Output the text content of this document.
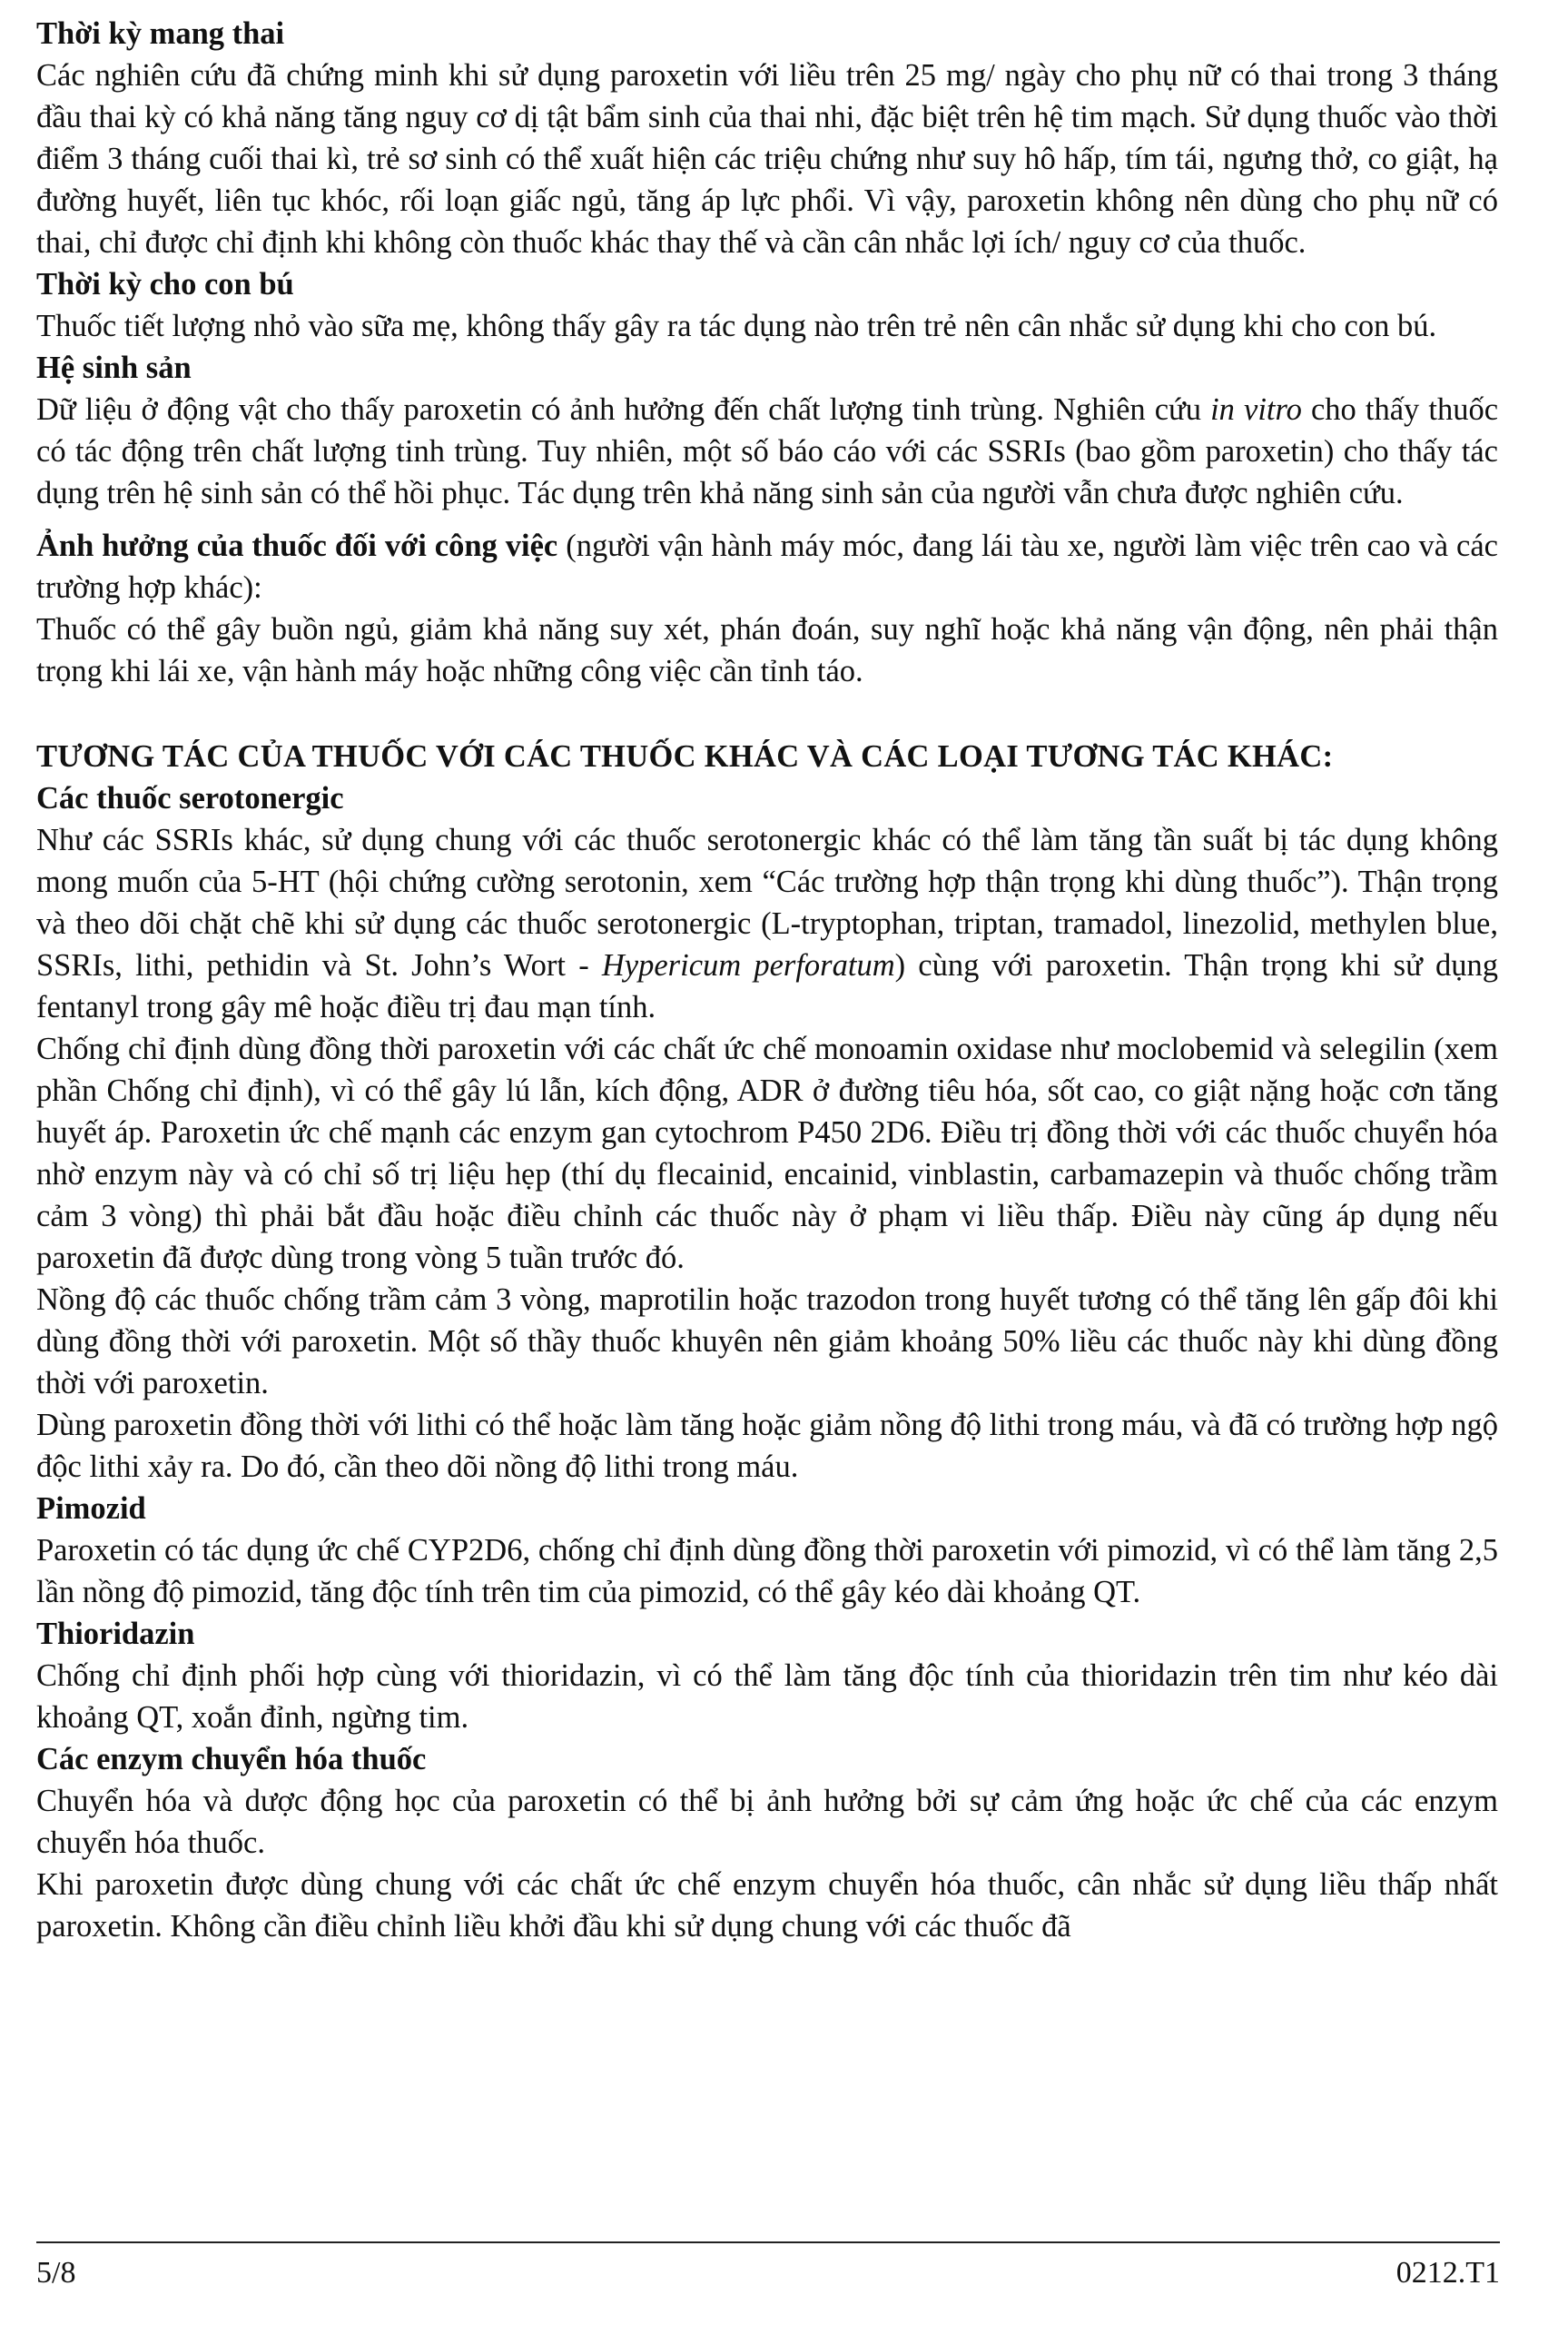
Thời kỳ mang thai

Các nghiên cứu đã chứng minh khi sử dụng paroxetin với liều trên 25 mg/ ngày cho phụ nữ có thai trong 3 tháng đầu thai kỳ có khả năng tăng nguy cơ dị tật bẩm sinh của thai nhi, đặc biệt trên hệ tim mạch. Sử dụng thuốc vào thời điểm 3 tháng cuối thai kì, trẻ sơ sinh có thể xuất hiện các triệu chứng như suy hô hấp, tím tái, ngưng thở, co giật, hạ đường huyết, liên tục khóc, rối loạn giấc ngủ, tăng áp lực phổi. Vì vậy, paroxetin không nên dùng cho phụ nữ có thai, chỉ được chỉ định khi không còn thuốc khác thay thế và cần cân nhắc lợi ích/ nguy cơ của thuốc.

Thời kỳ cho con bú

Thuốc tiết lượng nhỏ vào sữa mẹ, không thấy gây ra tác dụng nào trên trẻ nên cân nhắc sử dụng khi cho con bú.

Hệ sinh sản

Dữ liệu ở động vật cho thấy paroxetin có ảnh hưởng đến chất lượng tinh trùng. Nghiên cứu in vitro cho thấy thuốc có tác động trên chất lượng tinh trùng. Tuy nhiên, một số báo cáo với các SSRIs (bao gồm paroxetin) cho thấy tác dụng trên hệ sinh sản có thể hồi phục. Tác dụng trên khả năng sinh sản của người vẫn chưa được nghiên cứu.

Ảnh hưởng của thuốc đối với công việc (người vận hành máy móc, đang lái tàu xe, người làm việc trên cao và các trường hợp khác):

Thuốc có thể gây buồn ngủ, giảm khả năng suy xét, phán đoán, suy nghĩ hoặc khả năng vận động, nên phải thận trọng khi lái xe, vận hành máy hoặc những công việc cần tỉnh táo.

TƯƠNG TÁC CỦA THUỐC VỚI CÁC THUỐC KHÁC VÀ CÁC LOẠI TƯƠNG TÁC KHÁC:

Các thuốc serotonergic

Như các SSRIs khác, sử dụng chung với các thuốc serotonergic khác có thể làm tăng tần suất bị tác dụng không mong muốn của 5-HT (hội chứng cường serotonin, xem “Các trường hợp thận trọng khi dùng thuốc”). Thận trọng và theo dõi chặt chẽ khi sử dụng các thuốc serotonergic (L-tryptophan, triptan, tramadol, linezolid, methylen blue, SSRIs, lithi, pethidin và St. John’s Wort - Hypericum perforatum) cùng với paroxetin. Thận trọng khi sử dụng fentanyl trong gây mê hoặc điều trị đau mạn tính.

Chống chỉ định dùng đồng thời paroxetin với các chất ức chế monoamin oxidase như moclobemid và selegilin (xem phần Chống chỉ định), vì có thể gây lú lẫn, kích động, ADR ở đường tiêu hóa, sốt cao, co giật nặng hoặc cơn tăng huyết áp. Paroxetin ức chế mạnh các enzym gan cytochrom P450 2D6. Điều trị đồng thời với các thuốc chuyển hóa nhờ enzym này và có chỉ số trị liệu hẹp (thí dụ flecainid, encainid, vinblastin, carbamazepin và thuốc chống trầm cảm 3 vòng) thì phải bắt đầu hoặc điều chỉnh các thuốc này ở phạm vi liều thấp. Điều này cũng áp dụng nếu paroxetin đã được dùng trong vòng 5 tuần trước đó.

Nồng độ các thuốc chống trầm cảm 3 vòng, maprotilin hoặc trazodon trong huyết tương có thể tăng lên gấp đôi khi dùng đồng thời với paroxetin. Một số thầy thuốc khuyên nên giảm khoảng 50% liều các thuốc này khi dùng đồng thời với paroxetin.

Dùng paroxetin đồng thời với lithi có thể hoặc làm tăng hoặc giảm nồng độ lithi trong máu, và đã có trường hợp ngộ độc lithi xảy ra. Do đó, cần theo dõi nồng độ lithi trong máu.

Pimozid

Paroxetin có tác dụng ức chế CYP2D6, chống chỉ định dùng đồng thời paroxetin với pimozid, vì có thể làm tăng 2,5 lần nồng độ pimozid, tăng độc tính trên tim của pimozid, có thể gây kéo dài khoảng QT.

Thioridazin

Chống chỉ định phối hợp cùng với thioridazin, vì có thể làm tăng độc tính của thioridazin trên tim như kéo dài khoảng QT, xoắn đỉnh, ngừng tim.

Các enzym chuyển hóa thuốc

Chuyển hóa và dược động học của paroxetin có thể bị ảnh hưởng bởi sự cảm ứng hoặc ức chế của các enzym chuyển hóa thuốc.

Khi paroxetin được dùng chung với các chất ức chế enzym chuyển hóa thuốc, cân nhắc sử dụng liều thấp nhất paroxetin. Không cần điều chỉnh liều khởi đầu khi sử dụng chung với các thuốc đã

5/8	0212.T1
